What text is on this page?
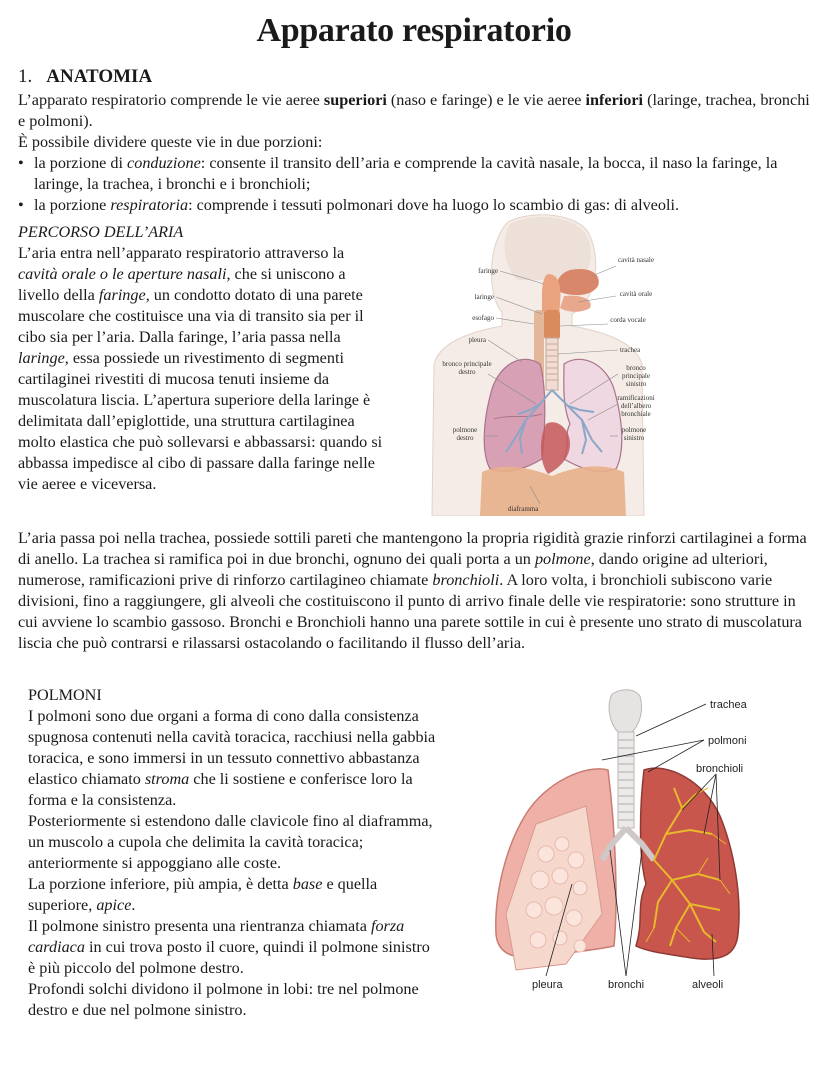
Apparato respiratorio
1. ANATOMIA
L’apparato respiratorio comprende le vie aeree superiori (naso e faringe) e le vie aeree inferiori (laringe, trachea, bronchi e polmoni).
È possibile dividere queste vie in due porzioni:
• la porzione di conduzione: consente il transito dell’aria e comprende la cavità nasale, la bocca, il naso la faringe, la laringe, la trachea, i bronchi e i bronchioli;
• la porzione respiratoria: comprende i tessuti polmonari dove ha luogo lo scambio di gas: di alveoli.
PERCORSO DELL’ARIA
L’aria entra nell’apparato respiratorio attraverso la cavità orale o le aperture nasali, che si uniscono a livello della faringe, un condotto dotato di una parete muscolare che costituisce una via di transito sia per il cibo sia per l’aria. Dalla faringe, l’aria passa nella laringe, essa possiede un rivestimento di segmenti cartilaginei rivestiti di mucosa tenuti insieme da muscolatura liscia. L’apertura superiore della laringe è delimitata dall’epiglottide, una struttura cartilaginea molto elastica che può sollevarsi e abbassarsi: quando si abbassa impedisce al cibo di passare dalla faringe nelle vie aeree e viceversa.
faringe
laringe
esofago
pleura
bronco principale destro
polmone destro
cavità nasale
cavità orale
corda vocale
trachea
bronco principale sinistro
ramificazioni dell’albero bronchiale
polmone sinistro
diaframma
L’aria passa poi nella trachea, possiede sottili pareti che mantengono la propria rigidità grazie rinforzi cartilaginei a forma di anello. La trachea si ramifica poi in due bronchi, ognuno dei quali porta a un polmone, dando origine ad ulteriori, numerose, ramificazioni prive di rinforzo cartilagineo chiamate bronchioli. A loro volta, i bronchioli subiscono varie divisioni, fino a raggiungere, gli alveoli che costituiscono il punto di arrivo finale delle vie respiratorie: sono strutture in cui avviene lo scambio gassoso. Bronchi e Bronchioli hanno una parete sottile in cui è presente uno strato di muscolatura liscia che può contrarsi e rilassarsi ostacolando o facilitando il flusso dell’aria.
POLMONI
I polmoni sono due organi a forma di cono dalla consistenza spugnosa contenuti nella cavità toracica, racchiusi nella gabbia toracica, e sono immersi in un tessuto connettivo abbastanza elastico chiamato stroma che li sostiene e conferisce loro la forma e la consistenza.
Posteriormente si estendono dalle clavicole fino al diaframma, un muscolo a cupola che delimita la cavità toracica; anteriormente si appoggiano alle coste.
La porzione inferiore, più ampia, è detta base e quella superiore, apice.
Il polmone sinistro presenta una rientranza chiamata forza cardiaca in cui trova posto il cuore, quindi il polmone sinistro è più piccolo del polmone destro.
Profondi solchi dividono il polmone in lobi: tre nel polmone destro e due nel polmone sinistro.
trachea
polmoni
bronchioli
pleura	bronchi	alveoli
